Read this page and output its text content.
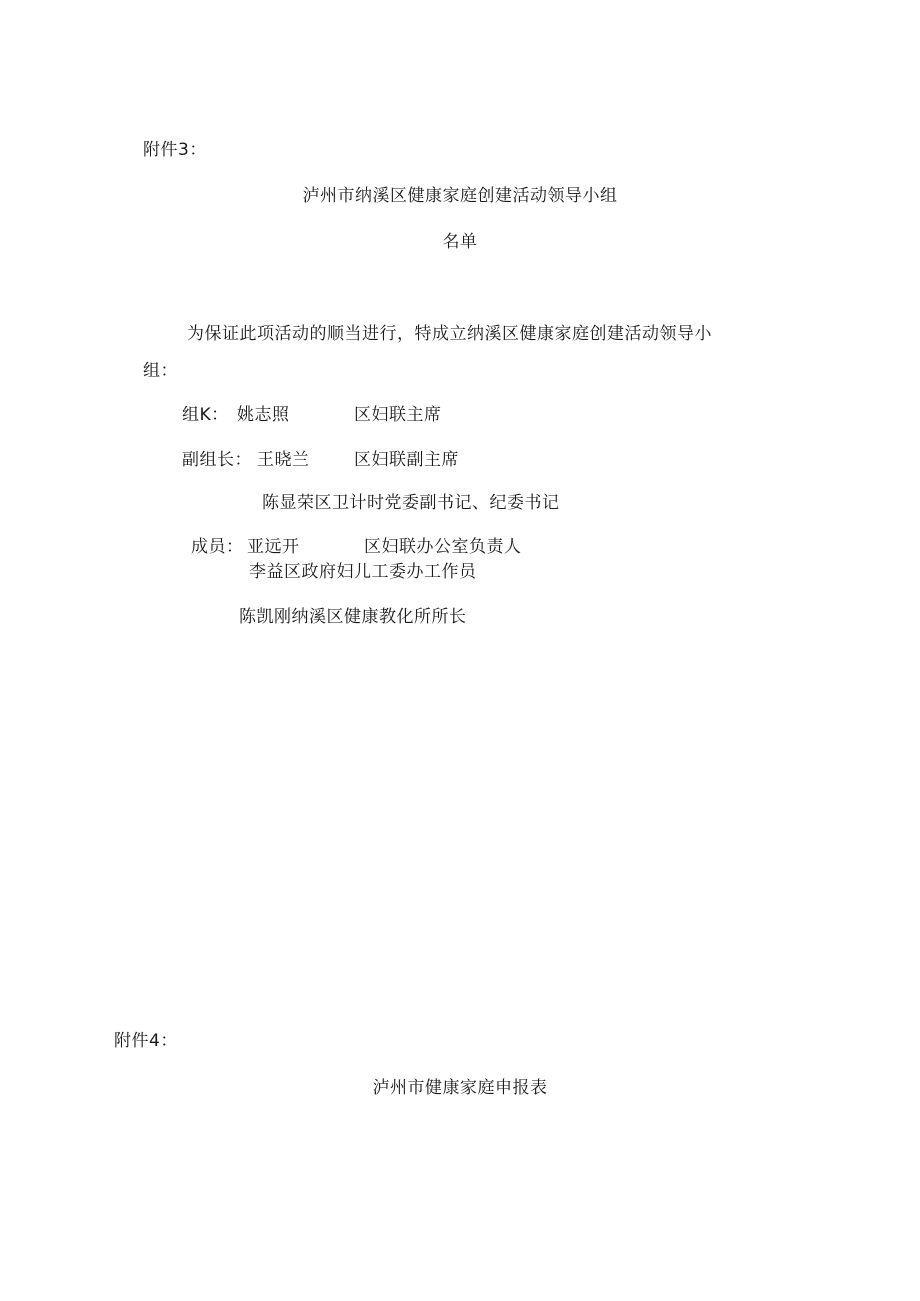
附件3：
泸州市纳溪区健康家庭创建活动领导小组
名单
为保证此项活动的顺当进行，特成立纳溪区健康家庭创建活动领导小
组：
组K： 姚志照	区妇联主席
副组长： 王晓兰	区妇联副主席
陈显荣区卫计时党委副书记、纪委书记
成员： 亚远开	区妇联办公室负责人
李益区政府妇儿工委办工作员
陈凯刚纳溪区健康教化所所长
附件4：
泸州市健康家庭申报表
